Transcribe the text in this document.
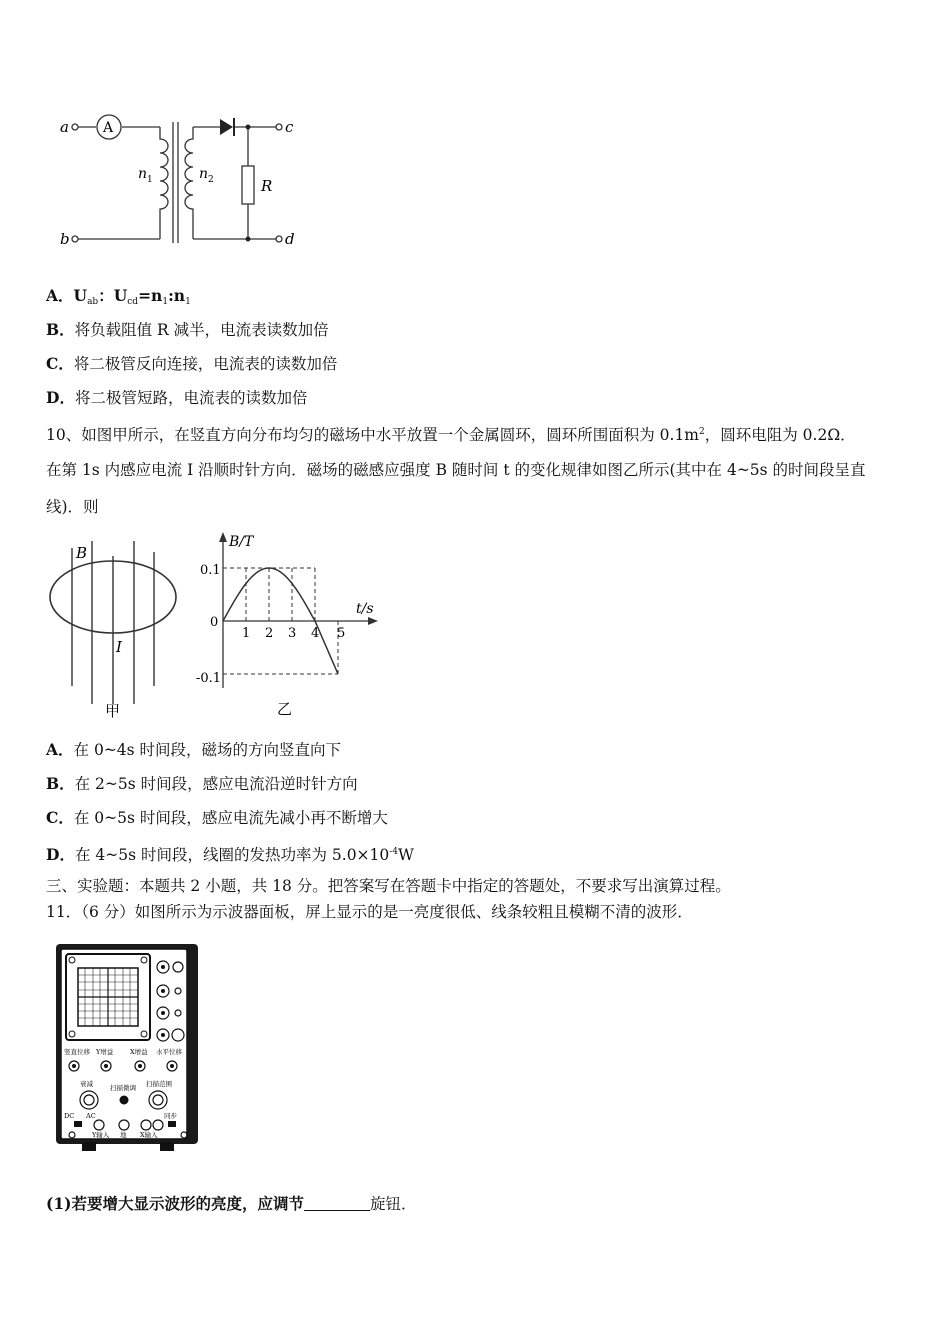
a
b
c
d
A
$n_1$	$n_2$	R
A．$U_{ab}$：$U_{cd}=n_1:n_1$
B．将负载阻值 R 减半，电流表读数加倍
C．将二极管反向连接，电流表的读数加倍
D．将二极管短路，电流表的读数加倍
10、如图甲所示，在竖直方向分布均匀的磁场中水平放置一个金属圆环，圆环所围面积为 $0.1m^2$，圆环电阻为 0.2Ω．
在第 1s 内感应电流 I 沿顺时针方向．磁场的磁感应强度 B 随时间 t 的变化规律如图乙所示(其中在 4~5s 的时间段呈直
线)．则
B
I
甲
1 2 3 4 5
B/T
t/s
0.1
0
-0.1
乙
A．在 0~4s 时间段，磁场的方向竖直向下
B．在 2~5s 时间段，感应电流沿逆时针方向
C．在 0~5s 时间段，感应电流先减小再不断增大
D．在 4~5s 时间段，线圈的发热功率为 $5.0\times 10^{-4}W$
三、实验题：本题共 2 小题，共 18 分。把答案写在答题卡中指定的答题处，不要求写出演算过程。
11．（6 分）如图所示为示波器面板，屏上显示的是一亮度很低、线条较粗且模糊不清的波形．
竖直位移 Y增益	X增益 水平位移
衰减	扫描微调 扫描范围
DC AC	同步
Y输入 地 X输入
(1)若要增大显示波形的亮度，应调节	旋钮．
